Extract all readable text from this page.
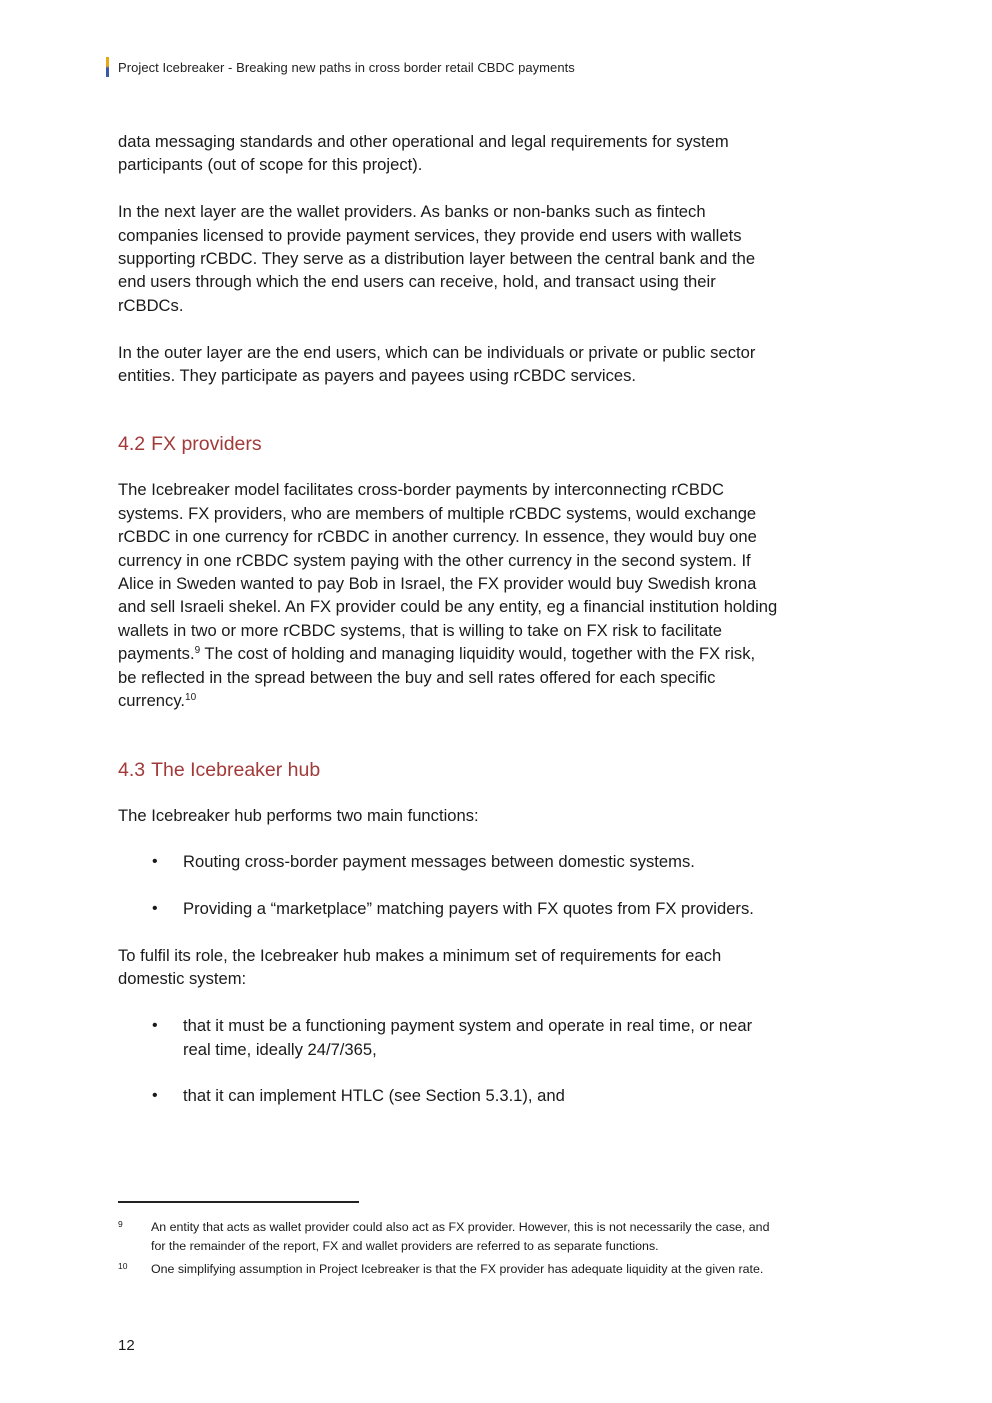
Project Icebreaker - Breaking new paths in cross border retail CBDC payments

data messaging standards and other operational and legal requirements for system participants (out of scope for this project).

In the next layer are the wallet providers. As banks or non-banks such as fintech companies licensed to provide payment services, they provide end users with wallets supporting rCBDC. They serve as a distribution layer between the central bank and the end users through which the end users can receive, hold, and transact using their rCBDCs.

In the outer layer are the end users, which can be individuals or private or public sector entities. They participate as payers and payees using rCBDC services.

4.2 FX providers

The Icebreaker model facilitates cross-border payments by interconnecting rCBDC systems. FX providers, who are members of multiple rCBDC systems, would exchange rCBDC in one currency for rCBDC in another currency. In essence, they would buy one currency in one rCBDC system paying with the other currency in the second system. If Alice in Sweden wanted to pay Bob in Israel, the FX provider would buy Swedish krona and sell Israeli shekel. An FX provider could be any entity, eg a financial institution holding wallets in two or more rCBDC systems, that is willing to take on FX risk to facilitate payments.$^9$ The cost of holding and managing liquidity would, together with the FX risk, be reflected in the spread between the buy and sell rates offered for each specific currency.$^{10}$

4.3 The Icebreaker hub

The Icebreaker hub performs two main functions:

• Routing cross-border payment messages between domestic systems.
• Providing a “marketplace” matching payers with FX quotes from FX providers.

To fulfil its role, the Icebreaker hub makes a minimum set of requirements for each domestic system:

• that it must be a functioning payment system and operate in real time, or near real time, ideally 24/7/365,
• that it can implement HTLC (see Section 5.3.1), and
9 An entity that acts as wallet provider could also act as FX provider. However, this is not necessarily the case, and for the remainder of the report, FX and wallet providers are referred to as separate functions.
10 One simplifying assumption in Project Icebreaker is that the FX provider has adequate liquidity at the given rate.
12
